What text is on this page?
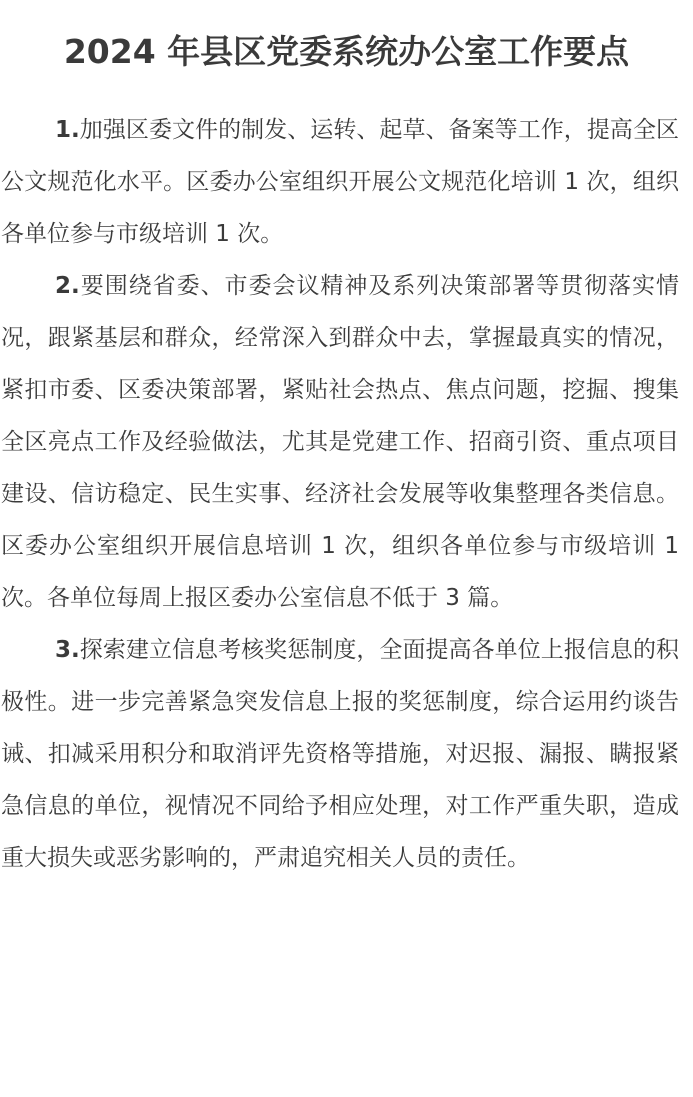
2024 年县区党委系统办公室工作要点

1.加强区委文件的制发、运转、起草、备案等工作，提高全区公文规范化水平。区委办公室组织开展公文规范化培训 1 次，组织各单位参与市级培训 1 次。

2.要围绕省委、市委会议精神及系列决策部署等贯彻落实情况，跟紧基层和群众，经常深入到群众中去，掌握最真实的情况，紧扣市委、区委决策部署，紧贴社会热点、焦点问题，挖掘、搜集全区亮点工作及经验做法，尤其是党建工作、招商引资、重点项目建设、信访稳定、民生实事、经济社会发展等收集整理各类信息。区委办公室组织开展信息培训 1 次，组织各单位参与市级培训 1 次。各单位每周上报区委办公室信息不低于 3 篇。

3.探索建立信息考核奖惩制度，全面提高各单位上报信息的积极性。进一步完善紧急突发信息上报的奖惩制度，综合运用约谈告诫、扣减采用积分和取消评先资格等措施，对迟报、漏报、瞒报紧急信息的单位，视情况不同给予相应处理，对工作严重失职，造成重大损失或恶劣影响的，严肃追究相关人员的责任。
